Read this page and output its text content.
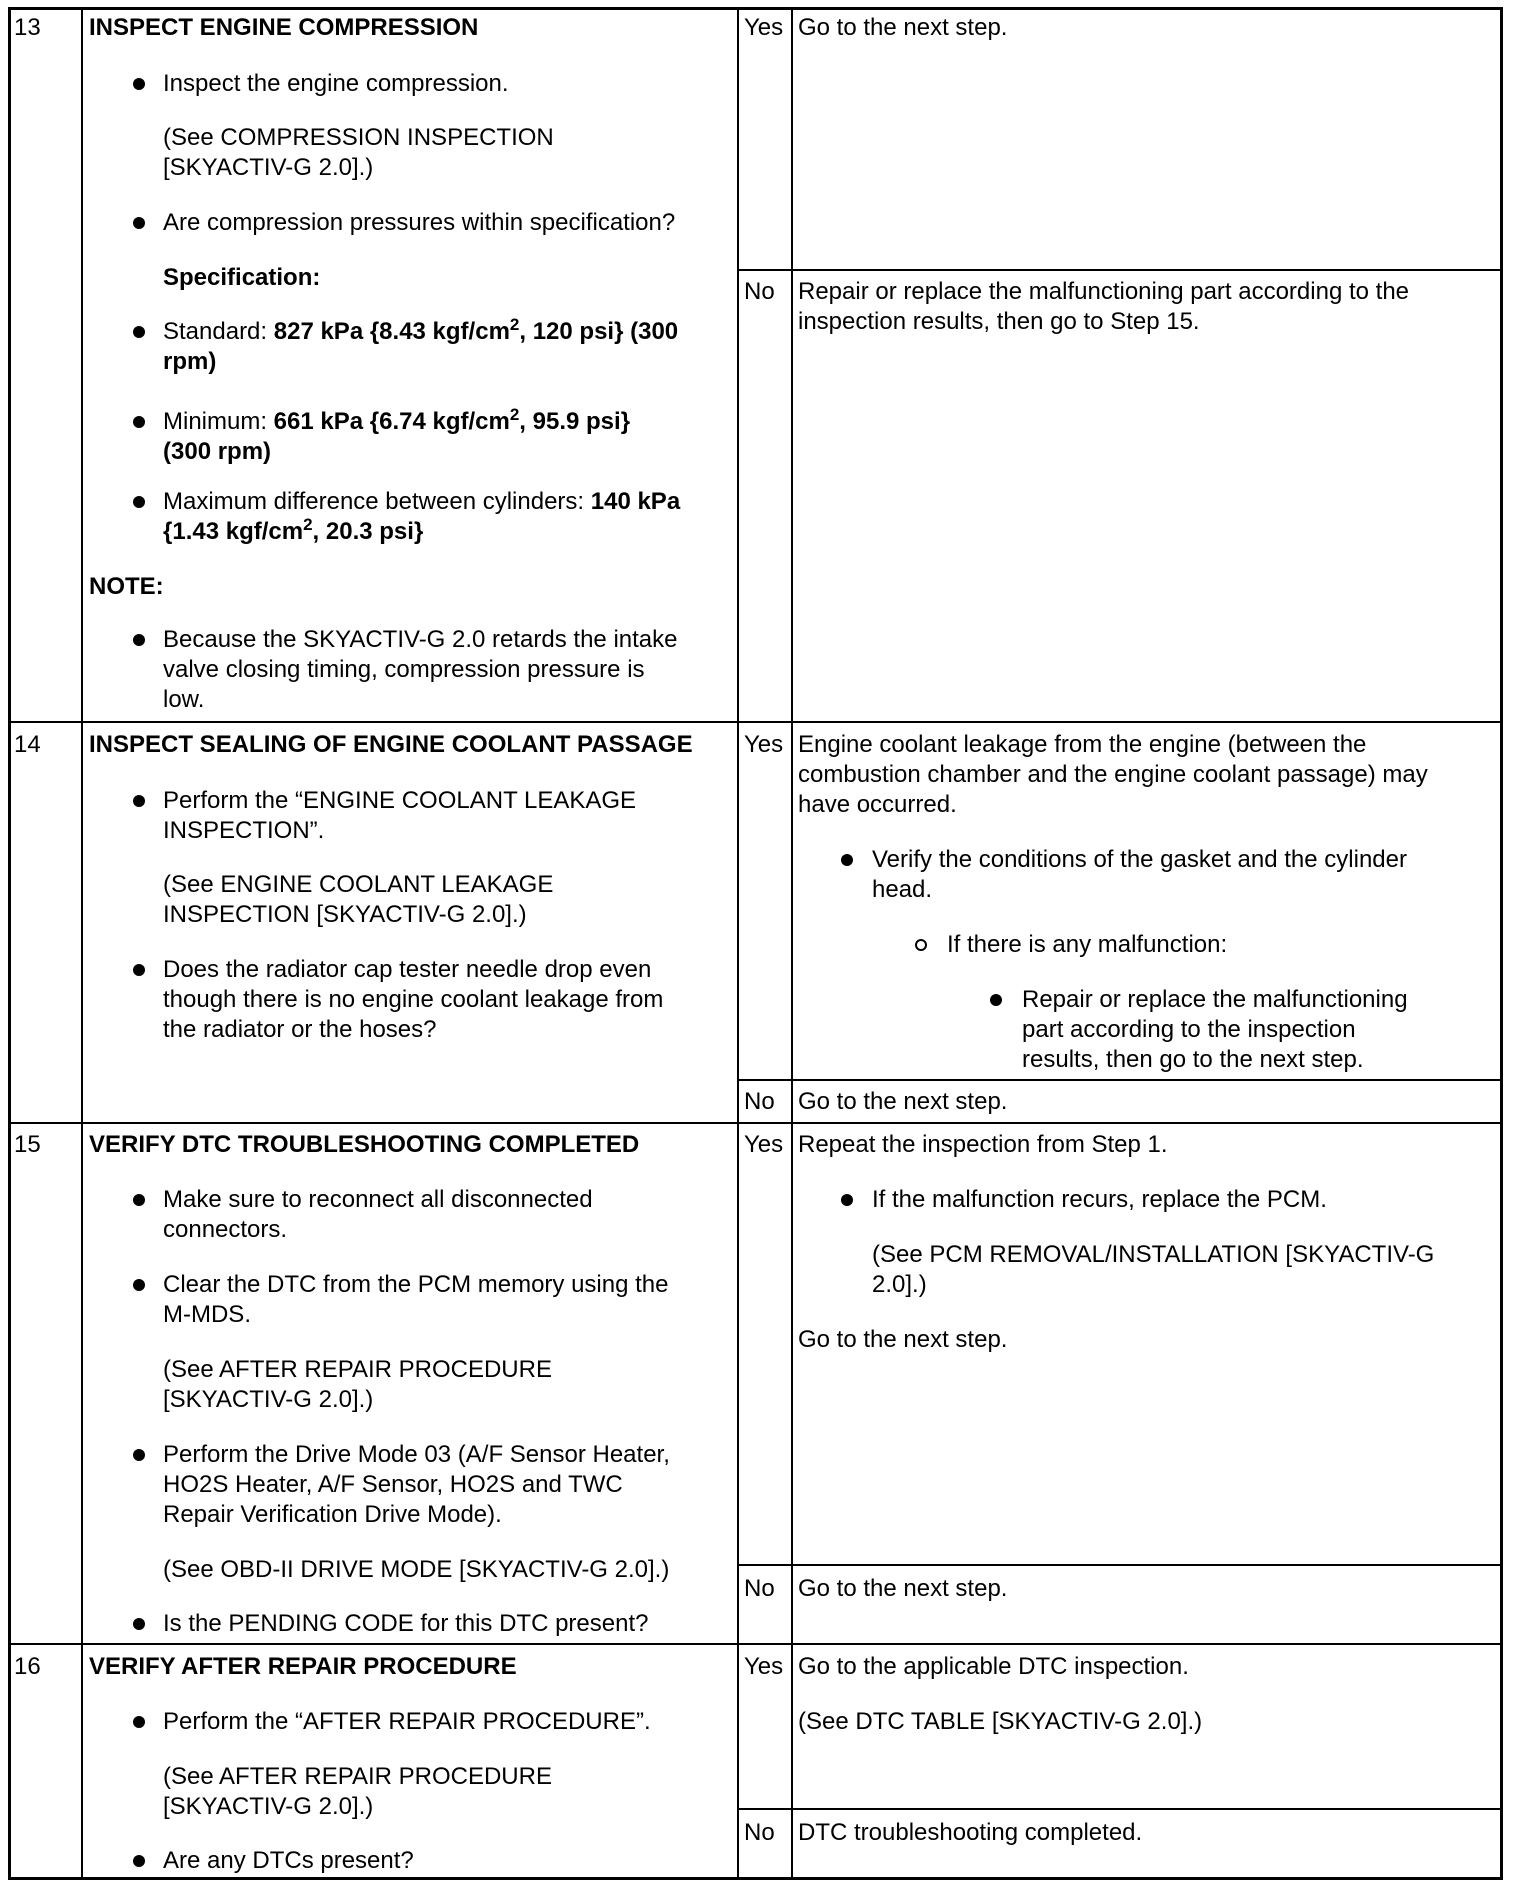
13 INSPECT ENGINE COMPRESSION
Inspect the engine compression.
(See COMPRESSION INSPECTION
[SKYACTIV-G 2.0].)
Are compression pressures within specification?
Specification:
Standard: 827 kPa {8.43 kgf/$cm^2$, 120 psi} (300
rpm)
Minimum: 661 kPa {6.74 kgf/$cm^2$, 95.9 psi}
(300 rpm)
Maximum difference between cylinders: 140 kPa
{1.43 kgf/$cm^2$, 20.3 psi}
NOTE:
Because the SKYACTIV-G 2.0 retards the intake
valve closing timing, compression pressure is
low.
Yes Go to the next step.
No Repair or replace the malfunctioning part according to the
inspection results, then go to Step 15.
14 INSPECT SEALING OF ENGINE COOLANT PASSAGE
Perform the “ENGINE COOLANT LEAKAGE
INSPECTION”.
(See ENGINE COOLANT LEAKAGE
INSPECTION [SKYACTIV-G 2.0].)
Does the radiator cap tester needle drop even
though there is no engine coolant leakage from
the radiator or the hoses?
Yes Engine coolant leakage from the engine (between the
combustion chamber and the engine coolant passage) may
have occurred.
Verify the conditions of the gasket and the cylinder
head.
If there is any malfunction:
Repair or replace the malfunctioning
part according to the inspection
results, then go to the next step.
No Go to the next step.
15 VERIFY DTC TROUBLESHOOTING COMPLETED
Make sure to reconnect all disconnected
connectors.
Clear the DTC from the PCM memory using the
M-MDS.
(See AFTER REPAIR PROCEDURE
[SKYACTIV-G 2.0].)
Perform the Drive Mode 03 (A/F Sensor Heater,
HO2S Heater, A/F Sensor, HO2S and TWC
Repair Verification Drive Mode).
(See OBD-II DRIVE MODE [SKYACTIV-G 2.0].)
Is the PENDING CODE for this DTC present?
Yes Repeat the inspection from Step 1.
If the malfunction recurs, replace the PCM.
(See PCM REMOVAL/INSTALLATION [SKYACTIV-G
2.0].)
Go to the next step.
No Go to the next step.
16 VERIFY AFTER REPAIR PROCEDURE
Perform the “AFTER REPAIR PROCEDURE”.
(See AFTER REPAIR PROCEDURE
[SKYACTIV-G 2.0].)
Are any DTCs present?
Yes Go to the applicable DTC inspection.
(See DTC TABLE [SKYACTIV-G 2.0].)
No DTC troubleshooting completed.
